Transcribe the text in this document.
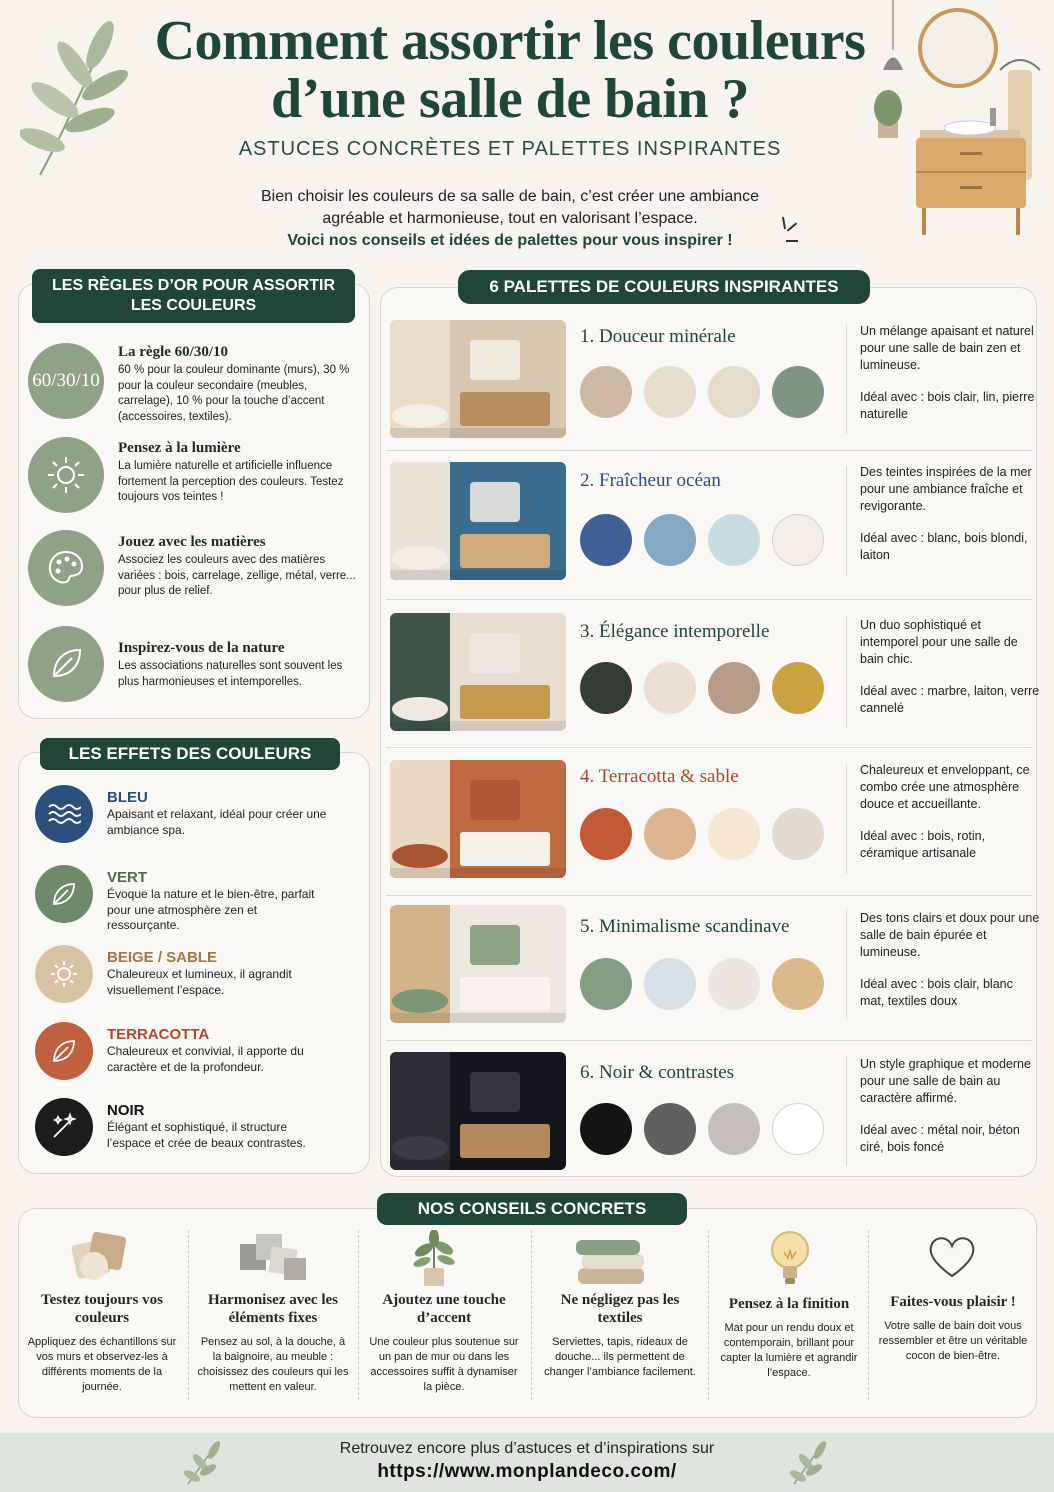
Comment assortir les couleurs
d’une salle de bain ?
ASTUCES CONCRÈTES ET PALETTES INSPIRANTES
Bien choisir les couleurs de sa salle de bain, c’est créer une ambiance
agréable et harmonieuse, tout en valorisant l’espace.
Voici nos conseils et idées de palettes pour vous inspirer !
LES RÈGLES D’OR POUR ASSORTIR
LES COULEURS
60/30/10
La règle 60/30/10
60 % pour la couleur dominante (murs), 30 % pour la couleur secondaire (meubles, carrelage), 10 % pour la touche d’accent (accessoires, textiles).
Pensez à la lumière
La lumière naturelle et artificielle influence fortement la perception des couleurs. Testez toujours vos teintes !
Jouez avec les matières
Associez les couleurs avec des matières variées : bois, carrelage, zellige, métal, verre... pour plus de relief.
Inspirez-vous de la nature
Les associations naturelles sont souvent les plus harmonieuses et intemporelles.
LES EFFETS DES COULEURS
BLEU
Apaisant et relaxant, idéal pour créer une ambiance spa.
VERT
Évoque la nature et le bien-être, parfait pour une atmosphère zen et ressourçante.
BEIGE / SABLE
Chaleureux et lumineux, il agrandit visuellement l’espace.
TERRACOTTA
Chaleureux et convivial, il apporte du caractère et de la profondeur.
NOIR
Élégant et sophistiqué, il structure l’espace et crée de beaux contrastes.
6 PALETTES DE COULEURS INSPIRANTES
1. Douceur minérale	Un mélange apaisant et naturel pour une salle de bain zen et lumineuse.
Idéal avec : bois clair, lin, pierre naturelle
2. Fraîcheur océan	Des teintes inspirées de la mer pour une ambiance fraîche et revigorante.
Idéal avec : blanc, bois blondi, laiton
3. Élégance intemporelle	Un duo sophistiqué et intemporel pour une salle de bain chic.
Idéal avec : marbre, laiton, verre cannelé
4. Terracotta & sable	Chaleureux et enveloppant, ce combo crée une atmosphère douce et accueillante.
Idéal avec : bois, rotin, céramique artisanale
5. Minimalisme scandinave	Des tons clairs et doux pour une salle de bain épurée et lumineuse.
Idéal avec : bois clair, blanc mat, textiles doux
6. Noir & contrastes	Un style graphique et moderne pour une salle de bain au caractère affirmé.
Idéal avec : métal noir, béton ciré, bois foncé
NOS CONSEILS CONCRETS
Testez toujours vos couleurs
Appliquez des échantillons sur vos murs et observez-les à différents moments de la journée.
Harmonisez avec les éléments fixes
Pensez au sol, à la douche, à la baignoire, au meuble : choisissez des couleurs qui les mettent en valeur.
Ajoutez une touche d’accent
Une couleur plus soutenue sur un pan de mur ou dans les accessoires suffit à dynamiser la pièce.
Ne négligez pas les textiles
Serviettes, tapis, rideaux de douche... ils permettent de changer l’ambiance facilement.
Pensez à la finition
Mat pour un rendu doux et contemporain, brillant pour capter la lumière et agrandir l’espace.
Faites-vous plaisir !
Votre salle de bain doit vous ressembler et être un véritable cocon de bien-être.
Retrouvez encore plus d’astuces et d’inspirations sur
https://www.monplandeco.com/
